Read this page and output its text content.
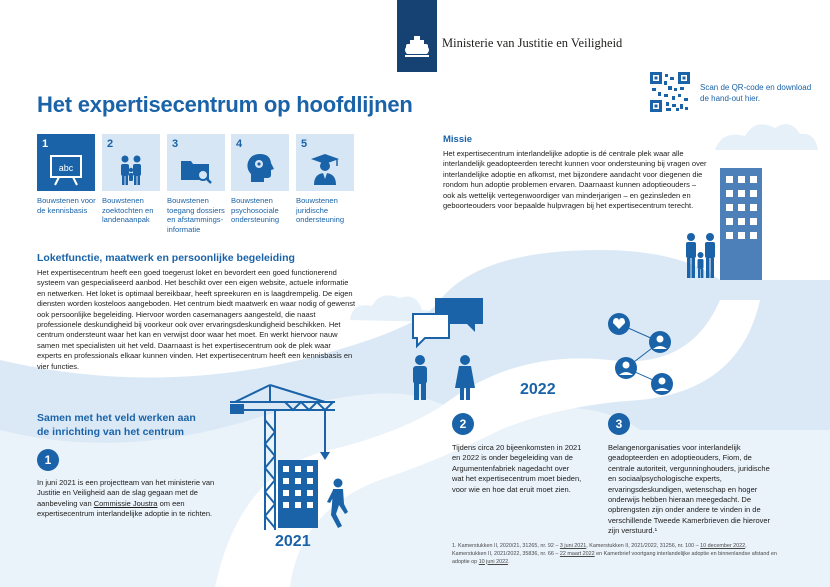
Ministerie van Justitie en Veiligheid
Scan de QR-code en download de hand-out hier.
Het expertisecentrum op hoofdlijnen
1
abc
2	3	4	5
Bouwstenen voor de kennisbasis
Bouwstenen zoektochten en landenaanpak
Bouwstenen toegang dossiers en afstammings-informatie
Bouwstenen psychosociale ondersteuning
Bouwstenen juridische ondersteuning
Missie
Het expertisecentrum interlandelijke adoptie is dé centrale plek waar alle interlandelijk geadopteerden terecht kunnen voor ondersteuning bij vragen over interlandelijke adoptie en afkomst, met bijzondere aandacht voor diegenen die rondom hun adoptie problemen ervaren. Daarnaast kunnen adoptieouders – ook als wettelijk vertegenwoordiger van minderjarigen – en gezinsleden en geboorteouders voor bepaalde hulpvragen bij het expertisecentrum terecht.
Loketfunctie, maatwerk en persoonlijke begeleiding
Het expertisecentrum heeft een goed toegerust loket en bevordert een goed functionerend systeem van gespecialiseerd aanbod. Het beschikt over een eigen website, actuele informatie en netwerken. Het loket is optimaal bereikbaar, heeft spreekuren en is laagdrempelig. De eigen diensten worden kosteloos aangeboden. Het centrum biedt maatwerk en waar nodig of gewenst ook persoonlijke begeleiding. Hiervoor worden casemanagers aangesteld, die naast professionele deskundigheid bij voorkeur ook over ervaringsdeskundigheid beschikken. Het centrum ondersteunt waar het kan en verwijst door waar het moet. En werkt hiervoor nauw samen met specialisten uit het veld. Daarnaast is het expertisecentrum ook de plek waar experts en professionals elkaar kunnen vinden. Het expertisecentrum heeft een kennisbasis en vier functies.
Samen met het veld werken aan de inrichting van het centrum
1
In juni 2021 is een projectteam van het ministerie van Justitie en Veiligheid aan de slag gegaan met de aanbeveling van Commissie Joustra om een expertisecentrum interlandelijke adoptie in te richten.
2
Tijdens circa 20 bijeenkomsten in 2021 en 2022 is onder begeleiding van de Argumentenfabriek nagedacht over wat het expertisecentrum moet bieden, voor wie en hoe dat eruit moet zien.
3
Belangenorganisaties voor interlandelijk geadopteerden en adoptieouders, Fiom, de centrale autoriteit, vergunninghouders, juridische en sociaalpsychologische experts, ervaringsdeskundigen, wetenschap en hoger onderwijs hebben hieraan meegedacht. De opbrengsten zijn onder andere te vinden in de verschillende Tweede Kamerbrieven die hierover zijn verstuurd.¹
2021
2022
1. Kamerstukken II, 2020/21, 31265, nr. 92 – 3 juni 2021, Kamerstukken II, 2021/2022, 31256, nr. 100 – 10 december 2022, Kamerstukken II, 2021/2022, 35836, nr. 66 – 22 maart 2022 en Kamerbrief voortgang interlandelijke adoptie en binnenlandse afstand en adoptie op 10 juni 2022.
